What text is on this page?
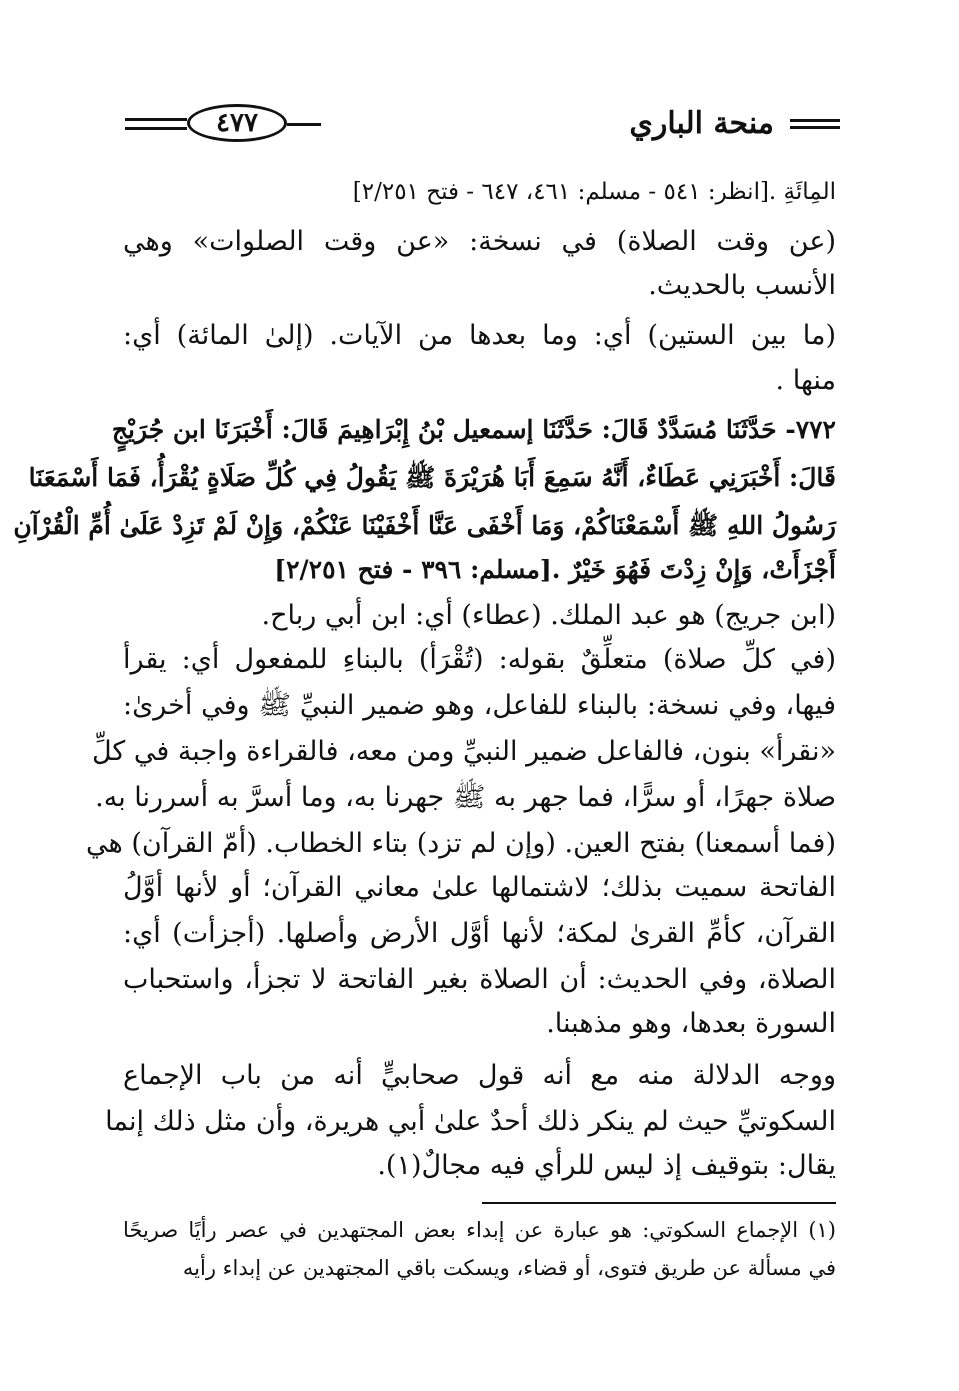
منحة الباري
٤٧٧
المِائَةِ .[انظر: ٥٤١ - مسلم: ٤٦١، ٦٤٧ - فتح ٢/٢٥١]
(عن وقت الصلاة) في نسخة: «عن وقت الصلوات» وهي
الأنسب بالحديث.
(ما بين الستين) أي: وما بعدها من الآيات. (إلىٰ المائة) أي:
منها .
٧٧٢- حَدَّثَنَا مُسَدَّدٌ قَالَ: حَدَّثَنَا إسمعيل بْنُ إِبْرَاهِيمَ قَالَ: أَخْبَرَنَا ابن جُرَيْجٍ
قَالَ: أَخْبَرَنِي عَطَاءٌ، أَنَّهُ سَمِعَ أَبَا هُرَيْرَةَ ﷺ يَقُولُ فِي كُلِّ صَلَاةٍ يُقْرَأُ، فَمَا أَسْمَعَنَا
رَسُولُ اللهِ ﷺ أَسْمَعْنَاكُمْ، وَمَا أَخْفَى عَنَّا أَخْفَيْنَا عَنْكُمْ، وَإِنْ لَمْ تَزِدْ عَلَىٰ أُمِّ الْقُرْآنِ
أَجْزَأَتْ، وَإِنْ زِدْتَ فَهُوَ خَيْرٌ .[مسلم: ٣٩٦ - فتح ٢/٢٥١]
(ابن جريج) هو عبد الملك. (عطاء) أي: ابن أبي رباح.
(في كلِّ صلاة) متعلِّقٌ بقوله: (تُقْرَأ) بالبناءِ للمفعول أي: يقرأ
فيها، وفي نسخة: بالبناء للفاعل، وهو ضمير النبيِّ ﷺ وفي أخرىٰ:
«نقرأ» بنون، فالفاعل ضمير النبيِّ ومن معه، فالقراءة واجبة في كلِّ
صلاة جهرًا، أو سرًّا، فما جهر به ﷺ جهرنا به، وما أسرَّ به أسررنا به.
(فما أسمعنا) بفتح العين. (وإن لم تزد) بتاء الخطاب. (أمّ القرآن) هي
الفاتحة سميت بذلك؛ لاشتمالها علىٰ معاني القرآن؛ أو لأنها أوَّلُ
القرآن، كأمِّ القرىٰ لمكة؛ لأنها أوَّل الأرض وأصلها. (أجزأت) أي:
الصلاة، وفي الحديث: أن الصلاة بغير الفاتحة لا تجزأ، واستحباب
السورة بعدها، وهو مذهبنا.
ووجه الدلالة منه مع أنه قول صحابيٍّ أنه من باب الإجماع
السكوتيِّ حيث لم ينكر ذلك أحدٌ علىٰ أبي هريرة، وأن مثل ذلك إنما
يقال: بتوقيف إذ ليس للرأي فيه مجالٌ(١).
(١) الإجماع السكوتي: هو عبارة عن إبداء بعض المجتهدين في عصر رأيًا صريحًا
في مسألة عن طريق فتوى، أو قضاء، ويسكت باقي المجتهدين عن إبداء رأيه
